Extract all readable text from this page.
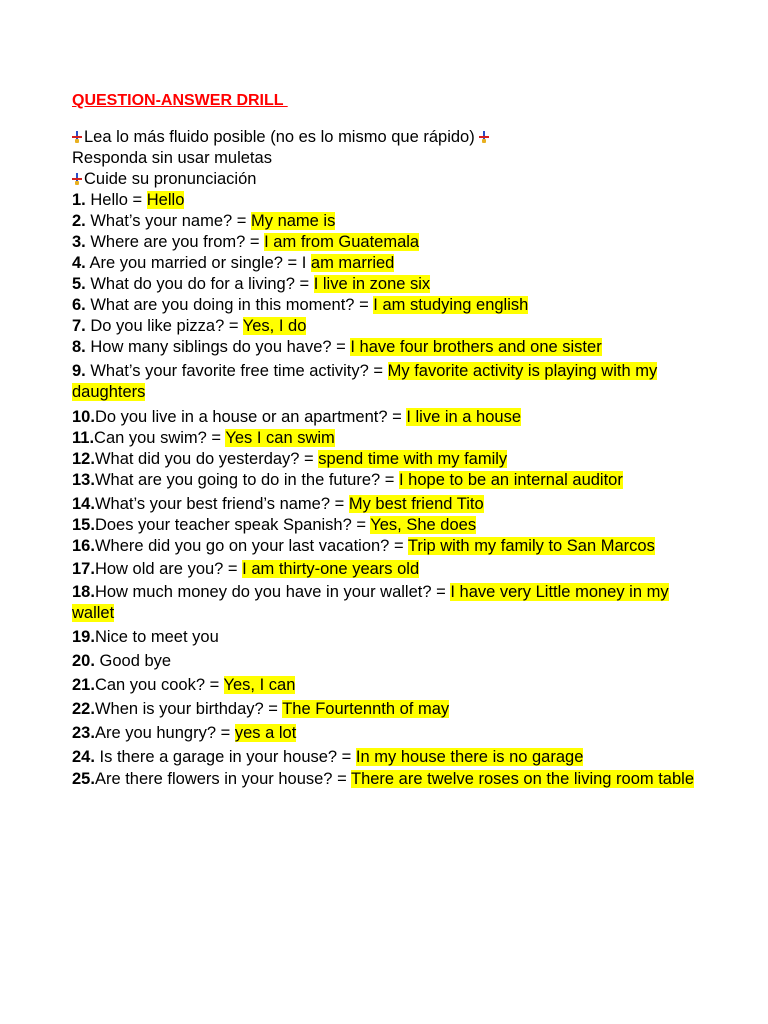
QUESTION-ANSWER DRILL
Lea lo más fluido posible (no es lo mismo que rápido)
Responda sin usar muletas
Cuide su pronunciación
1. Hello = Hello
2. What’s your name? = My name is
3. Where are you from? = I am from Guatemala
4. Are you married or single? = I am married
5. What do you do for a living? = I live in zone six
6. What are you doing in this moment? = I am studying english
7. Do you like pizza? = Yes, I do
8. How many siblings do you have? = I have four brothers and one sister
9. What’s your favorite free time activity? = My favorite activity is playing with my daughters
10.Do you live in a house or an apartment? = I live in a house
11.Can you swim? = Yes I can swim
12.What did you do yesterday? = spend time with my family
13.What are you going to do in the future? = I hope to be an internal auditor
14.What’s your best friend’s name? = My best friend Tito
15.Does your teacher speak Spanish? = Yes, She does
16.Where did you go on your last vacation? = Trip with my family to San Marcos
17.How old are you? = I am thirty-one years old
18.How much money do you have in your wallet? = I have very Little money in my wallet
19.Nice to meet you
20. Good bye
21.Can you cook? = Yes, I can
22.When is your birthday? = The Fourtennth of may
23.Are you hungry? = yes a lot
24. Is there a garage in your house? = In my house there is no garage
25.Are there flowers in your house? = There are twelve roses on the living room table
